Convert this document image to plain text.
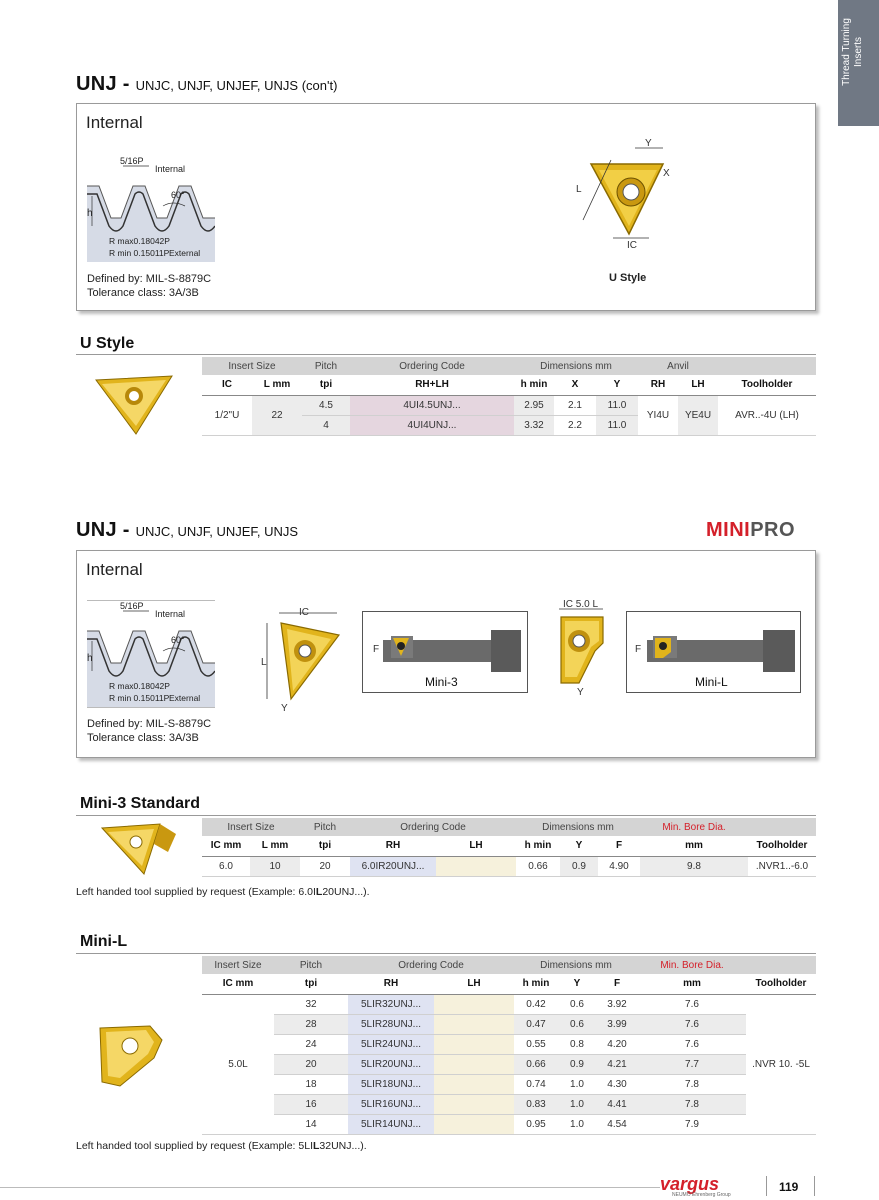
Thread Turning Inserts
UNJ - UNJC, UNJF, UNJEF, UNJS (con't)
Internal
5/16P
Internal
60°
h
R max0.18042P
R min 0.15011P External
Defined by: MIL-S-8879C
Tolerance class: 3A/3B
Y
X
L
IC
U Style
U Style
Insert Size		Pitch	Ordering Code	Dimensions mm			Anvil		
IC	L mm	tpi	RH+LH	h min	X	Y	RH	LH	Toolholder
1/2"U	22	4.5	4UI4.5UNJ...	2.95	2.1	11.0	YI4U	YE4U	AVR..-4U (LH)
		4	4UI4UNJ...	3.32	2.2	11.0			
UNJ - UNJC, UNJF, UNJEF, UNJS	MINIPRO
Internal
5/16P
Internal
60°
h
R max0.18042P
R min 0.15011P External
Defined by: MIL-S-8879C
Tolerance class: 3A/3B
IC
L
Y
F
Mini-3
IC 5.0 L
Y
F
Mini-L
Mini-3 Standard
Insert Size		Pitch	Ordering Code		Dimensions mm			Min. Bore Dia.	
IC mm	L mm	tpi	RH	LH	h min	Y	F	mm	Toolholder
6.0	10	20	6.0IR20UNJ...		0.66	0.9	4.90	9.8	.NVR1..-6.0
Left handed tool supplied by request (Example: 6.0IL20UNJ...).
Mini-L
Insert Size	Pitch	Ordering Code		Dimensions mm			Min. Bore Dia.	
IC mm	tpi	RH	LH	h min	Y	F	mm	Toolholder
5.0L	32	5LIR32UNJ...		0.42	0.6	3.92	7.6	.NVR 10. -5L
	28	5LIR28UNJ...		0.47	0.6	3.99	7.6	
	24	5LIR24UNJ...		0.55	0.8	4.20	7.6	
	20	5LIR20UNJ...		0.66	0.9	4.21	7.7	
	18	5LIR18UNJ...		0.74	1.0	4.30	7.8	
	16	5LIR16UNJ...		0.83	1.0	4.41	7.8	
	14	5LIR14UNJ...		0.95	1.0	4.54	7.9	
Left handed tool supplied by request (Example: 5LIL32UNJ...).
vargus
NEUMO Ehrenberg Group
119
